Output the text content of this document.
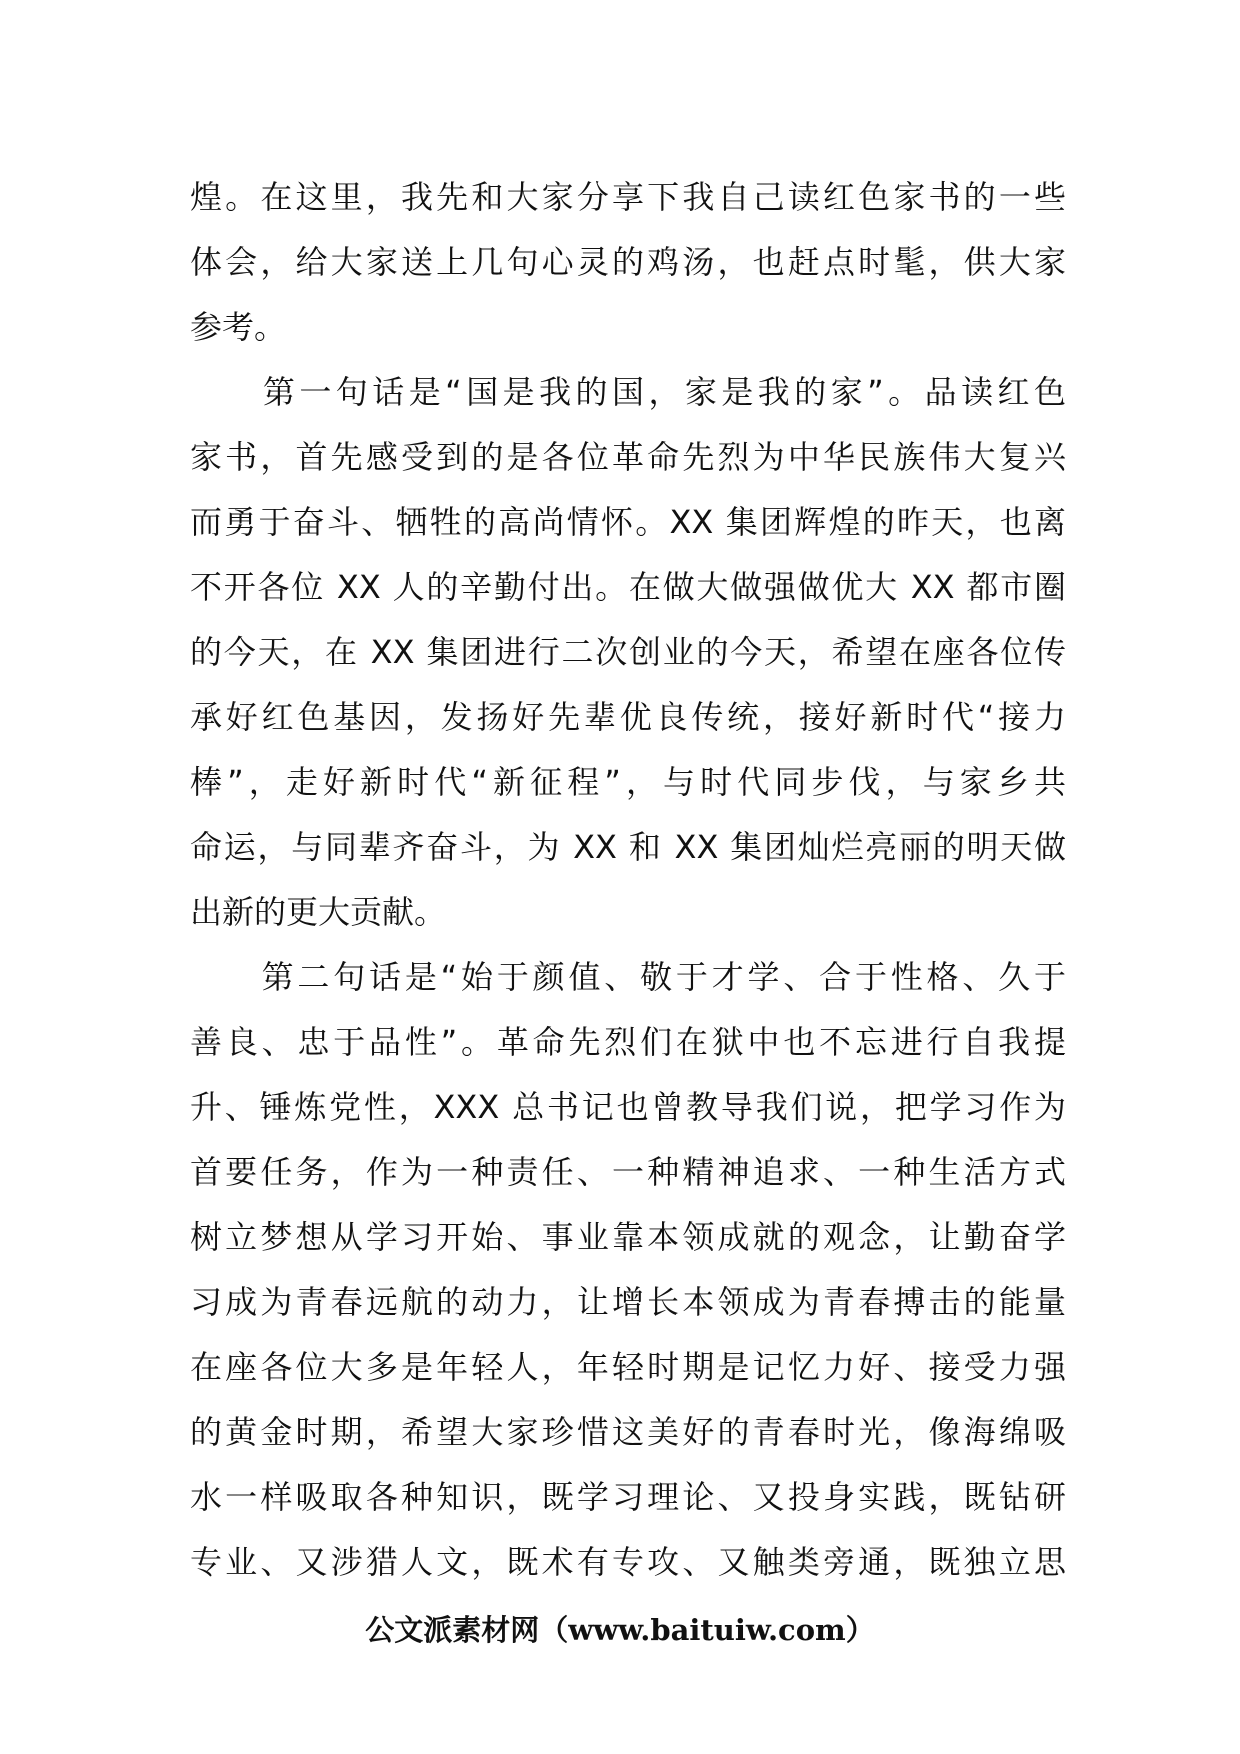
煌。在这里，我先和大家分享下我自己读红色家书的一些
体会，给大家送上几句心灵的鸡汤，也赶点时髦，供大家
参考。
　　第一句话是“国是我的国，家是我的家”。品读红色
家书，首先感受到的是各位革命先烈为中华民族伟大复兴
而勇于奋斗、牺牲的高尚情怀。XX 集团辉煌的昨天，也离
不开各位 XX 人的辛勤付出。在做大做强做优大 XX 都市圈
的今天，在 XX 集团进行二次创业的今天，希望在座各位传
承好红色基因，发扬好先辈优良传统，接好新时代“接力
棒”，走好新时代“新征程”，与时代同步伐，与家乡共
命运，与同辈齐奋斗，为 XX 和 XX 集团灿烂亮丽的明天做
出新的更大贡献。
　　第二句话是“始于颜值、敬于才学、合于性格、久于
善良、忠于品性”。革命先烈们在狱中也不忘进行自我提
升、锤炼党性，XXX 总书记也曾教导我们说，把学习作为
首要任务，作为一种责任、一种精神追求、一种生活方式
树立梦想从学习开始、事业靠本领成就的观念，让勤奋学
习成为青春远航的动力，让增长本领成为青春搏击的能量
在座各位大多是年轻人，年轻时期是记忆力好、接受力强
的黄金时期，希望大家珍惜这美好的青春时光，像海绵吸
水一样吸取各种知识，既学习理论、又投身实践，既钻研
专业、又涉猎人文，既术有专攻、又触类旁通，既独立思
公文派素材网（www.baituiw.com）
